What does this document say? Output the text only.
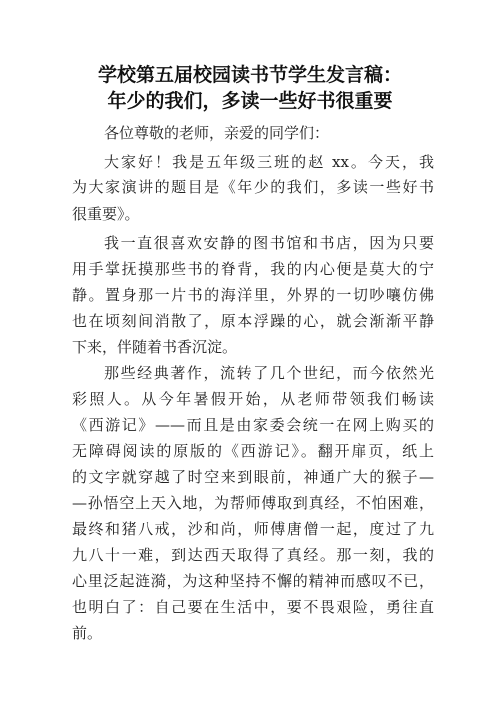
学校第五届校园读书节学生发言稿：
年少的我们，多读一些好书很重要
各位尊敬的老师，亲爱的同学们：
大家好！我是五年级三班的赵 xx。今天，我
为大家演讲的题目是《年少的我们，多读一些好书
很重要》。
我一直很喜欢安静的图书馆和书店，因为只要
用手掌抚摸那些书的脊背，我的内心便是莫大的宁
静。置身那一片书的海洋里，外界的一切吵嚷仿佛
也在顷刻间消散了，原本浮躁的心，就会渐渐平静
下来，伴随着书香沉淀。
那些经典著作，流转了几个世纪，而今依然光
彩照人。从今年暑假开始，从老师带领我们畅读
《西游记》——而且是由家委会统一在网上购买的
无障碍阅读的原版的《西游记》。翻开扉页，纸上
的文字就穿越了时空来到眼前，神通广大的猴子—
—孙悟空上天入地，为帮师傅取到真经，不怕困难，
最终和猪八戒，沙和尚，师傅唐僧一起，度过了九
九八十一难，到达西天取得了真经。那一刻，我的
心里泛起涟漪，为这种坚持不懈的精神而感叹不已，
也明白了：自己要在生活中，要不畏艰险，勇往直
前。
